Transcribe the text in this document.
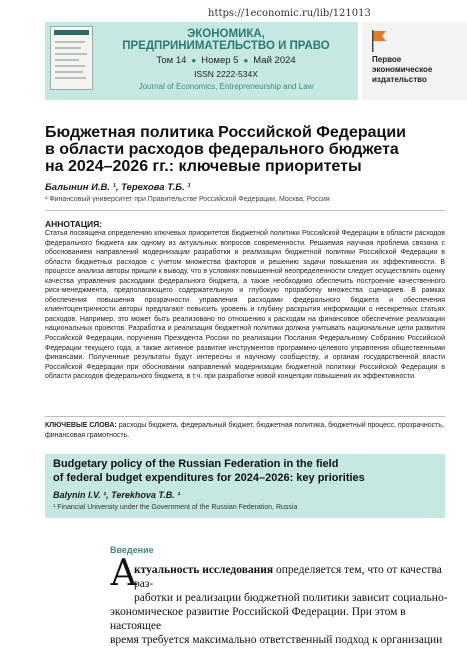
https://1economic.ru/lib/121013
ЭКОНОМИКА,
ПРЕДПРИНИМАТЕЛЬСТВО И ПРАВО
Том 14 ● Номер 5 ● Май 2024
ISSN 2222-534X
Journal of Economics, Entrepreneurship and Law
Первое
экономическое
издательство
Бюджетная политика Российской Федерации
в области расходов федерального бюджета
на 2024–2026 гг.: ключевые приоритеты
Балынин И.В. ¹, Терехова Т.Б. ¹
¹ Финансовый университет при Правительстве Российской Федерации, Москва, Россия
АННОТАЦИЯ:
Статья посвящена определению ключевых приоритетов бюджетной политики Российской Федерации в области расходов федерального бюджета как одному из актуальных вопросов современности. Решаемая научная проблема связана с обоснованием направлений модернизации разработки и реализации бюджетной политики Российской Федерации в области бюджетных расходов с учетом множества факторов и решению задачи повышения их эффективности. В процессе анализа авторы пришли к выводу, что в условиях повышенной неопределенности следует осуществлять оценку качества управления расходами федерального бюджета, а также необходимо обеспечить построение качественного риск-менеджмента, предполагающего содержательную и глубокую проработку множества сценариев. В рамках обеспечения повышения прозрачности управления расходами федерального бюджета и обеспечения клиентоцентричности авторы предлагают повысить уровень и глубину раскрытия информации о несекретных статьях расходов. Например, это может быть реализовано по отношению к расходам на финансовое обеспечение реализации национальных проектов. Разработка и реализация бюджетной политики должна учитывать национальные цели развития Российской Федерации, поручения Президента России по реализации Послания Федеральному Собранию Российской Федерации текущего года, а также активное развитие инструментов программно-целевого управления общественными финансами. Полученные результаты будут интересны и научному сообществу, и органам государственной власти Российской Федерации при обосновании направлений модернизации бюджетной политики Российской Федерации в области расходов федерального бюджета, в т.ч. при разработке новой концепции повышения их эффективности.
КЛЮЧЕВЫЕ СЛОВА: расходы бюджета, федеральный бюджет, бюджетная политика, бюджетный процесс, прозрачность, финансовая грамотность.
Budgetary policy of the Russian Federation in the field
of federal budget expenditures for 2024–2026: key priorities
Balynin I.V. ¹, Terekhova T.B. ¹
¹ Financial University under the Government of the Russian Federation, Russia
Введение
А

ктуальность исследования определяется тем, что от качества раз-

работки и реализации бюджетной политики зависит социально-

экономическое развитие Российской Федерации. При этом в настоящее

время требуется максимально ответственный подход к организации
